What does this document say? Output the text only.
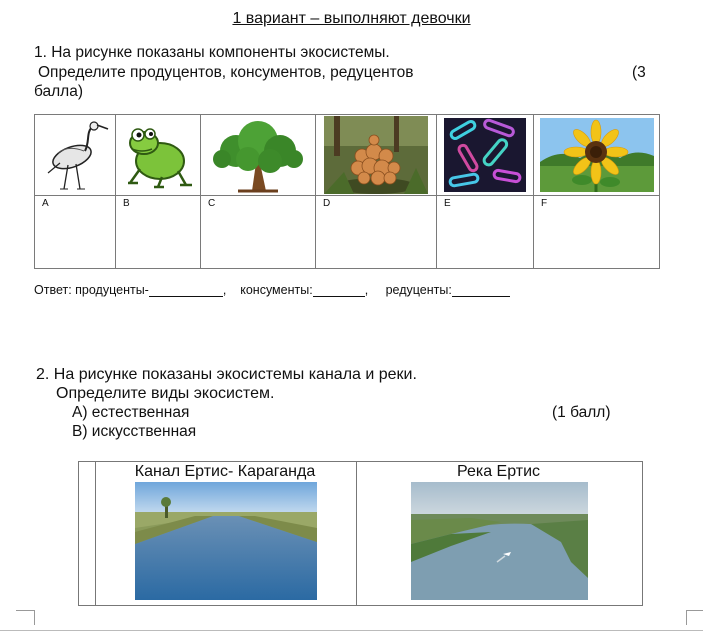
1 вариант – выполняют девочки
1. На рисунке показаны компоненты экосистемы.
Определите продуцентов, консументов, редуцентов	(3
балла)

A	B	C	D	E	F
Ответ: продуценты-	, консументы:	, редуценты:
2. На рисунке показаны экосистемы канала и реки.
Определите виды экосистем.
А) естественная
В) искусственная
(1 балл)
Канал Ертис- Караганда	Река Ертис
